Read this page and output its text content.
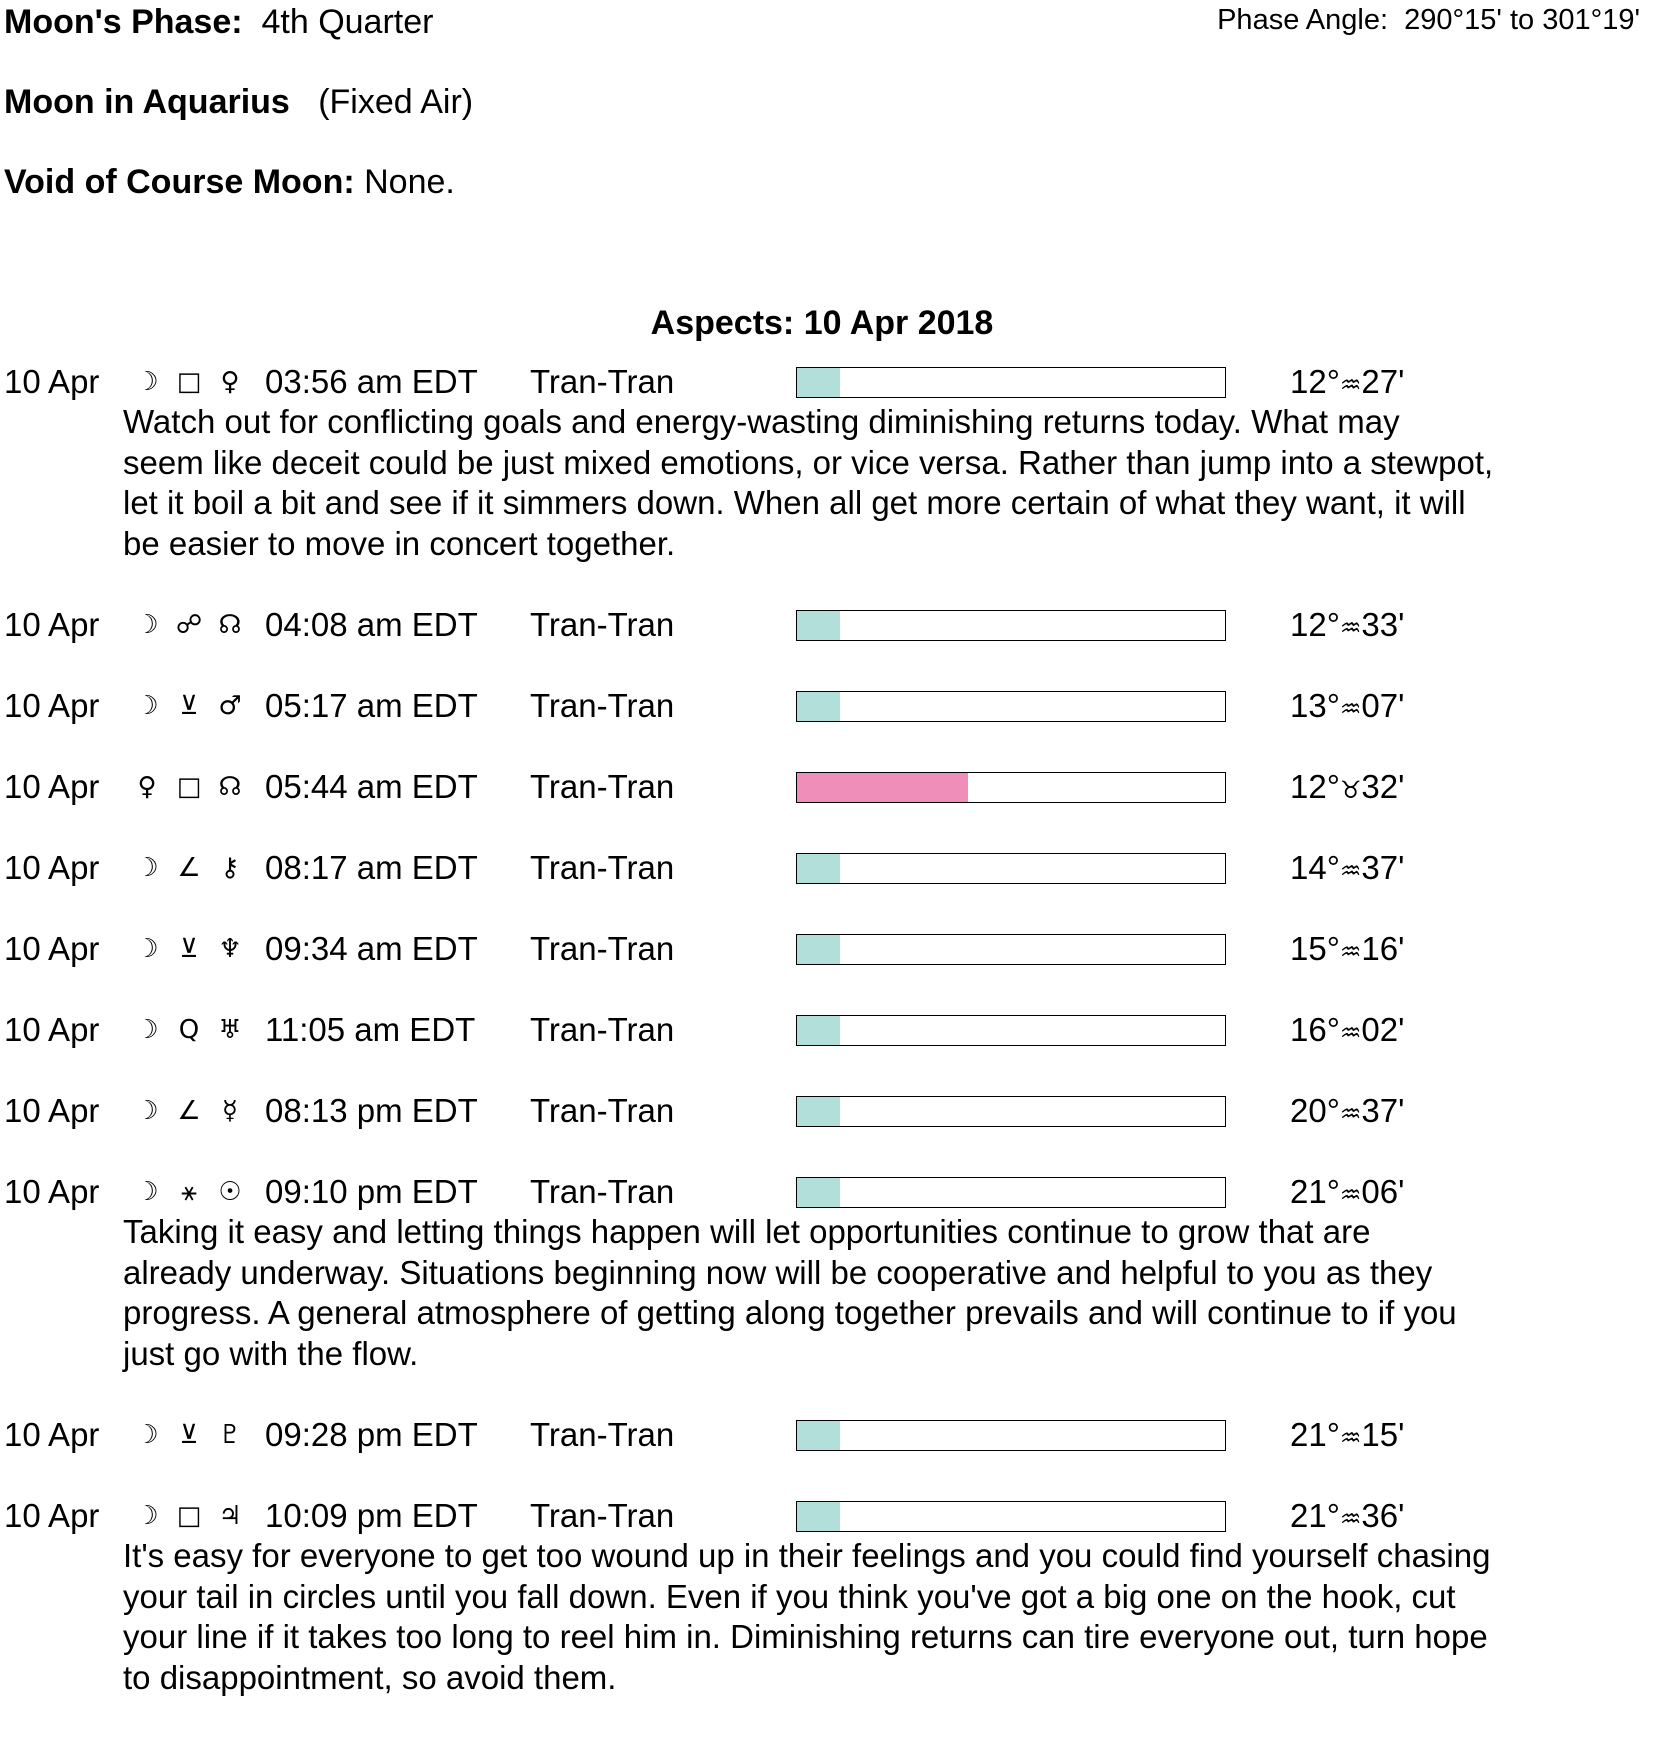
Moon's Phase: 4th Quarter	Phase Angle: 290°15' to 301°19'
Moon in Aquarius (Fixed Air)
Void of Course Moon: None.
Aspects: 10 Apr 2018
10 Apr ☽ □ ♀ 03:56 am EDT Tran-Tran	12°♒27'
Watch out for conflicting goals and energy-wasting diminishing returns today. What may
seem like deceit could be just mixed emotions, or vice versa. Rather than jump into a stewpot,
let it boil a bit and see if it simmers down. When all get more certain of what they want, it will
be easier to move in concert together.
10 Apr ☽ ☍ ☊ 04:08 am EDT Tran-Tran	12°♒33'
10 Apr ☽ ⊻ ♂ 05:17 am EDT Tran-Tran	13°♒07'
10 Apr ♀ □ ☊ 05:44 am EDT Tran-Tran	12°♉32'
10 Apr ☽ ∠ ⚷ 08:17 am EDT Tran-Tran	14°♒37'
10 Apr ☽ ⊻ ♆ 09:34 am EDT Tran-Tran	15°♒16'
10 Apr ☽ Q ♅ 11:05 am EDT Tran-Tran	16°♒02'
10 Apr ☽ ∠ ☿ 08:13 pm EDT Tran-Tran	20°♒37'
10 Apr ☽ ⚹ ☉ 09:10 pm EDT Tran-Tran	21°♒06'
Taking it easy and letting things happen will let opportunities continue to grow that are
already underway. Situations beginning now will be cooperative and helpful to you as they
progress. A general atmosphere of getting along together prevails and will continue to if you
just go with the flow.
10 Apr ☽ ⊻ ♇ 09:28 pm EDT Tran-Tran	21°♒15'
10 Apr ☽ □ ♃ 10:09 pm EDT Tran-Tran	21°♒36'
It's easy for everyone to get too wound up in their feelings and you could find yourself chasing
your tail in circles until you fall down. Even if you think you've got a big one on the hook, cut
your line if it takes too long to reel him in. Diminishing returns can tire everyone out, turn hope
to disappointment, so avoid them.
